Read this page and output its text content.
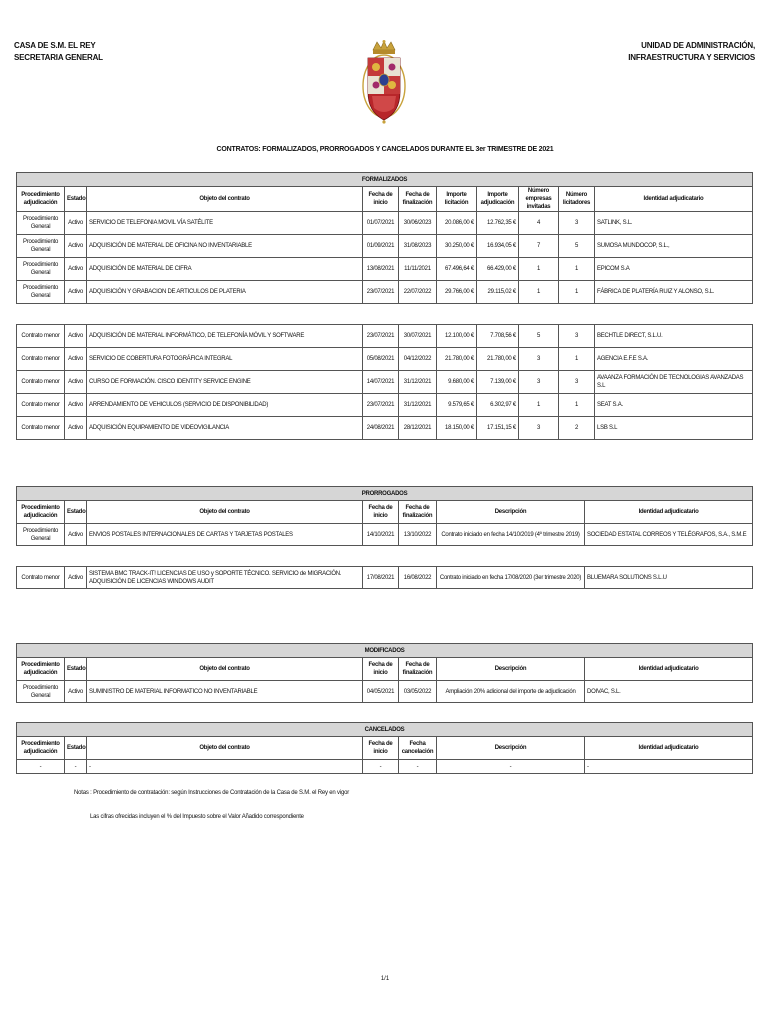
CASA DE S.M. EL REY
SECRETARIA GENERAL
UNIDAD DE ADMINISTRACIÓN,
INFRAESTRUCTURA Y SERVICIOS
CONTRATOS: FORMALIZADOS, PRORROGADOS Y CANCELADOS DURANTE EL 3er TRIMESTRE DE 2021
FORMALIZADOS									
Procedimiento adjudicación	Estado	Objeto del contrato	Fecha de inicio	Fecha de finalización	Importe licitación	Importe adjudicación	Número empresas invitadas	Número licitadores	Identidad adjudicatario
Procedimiento General	Activo	SERVICIO DE TELEFONIA MOVIL VÍA SATÉLITE	01/07/2021	30/06/2023	20.086,00 €	12.762,35 €	4	3	SATLINK, S.L.
Procedimiento General	Activo	ADQUISICIÓN DE MATERIAL DE OFICINA NO INVENTARIABLE	01/09/2021	31/08/2023	30.250,00 €	16.934,05 €	7	5	SUMOSA MUNDOCOP, S.L.,
Procedimiento General	Activo	ADQUISICIÓN DE MATERIAL DE CIFRA	13/08/2021	11/11/2021	67.496,64 €	66.429,00 €	1	1	EPICOM S.A
Procedimiento General	Activo	ADQUISICIÓN Y GRABACION DE ARTICULOS DE PLATERIA	23/07/2021	22/07/2022	29.766,00 €	29.115,02 €	1	1	FÁBRICA DE PLATERÍA RUIZ Y ALONSO, S.L.

Contrato menor	Activo	ADQUISICIÓN DE MATERIAL INFORMÁTICO, DE TELEFONÍA MÓVIL Y SOFTWARE	23/07/2021	30/07/2021	12.100,00 €	7.708,56 €	5	3	BECHTLE DIRECT, S.L.U.
Contrato menor	Activo	SERVICIO DE COBERTURA FOTOGRÁFICA INTEGRAL	05/08/2021	04/12/2022	21.780,00 €	21.780,00 €	3	1	AGENCIA E.F.E S.A.
Contrato menor	Activo	CURSO DE FORMACIÓN. CISCO IDENTITY SERVICE ENGINE	14/07/2021	31/12/2021	9.680,00 €	7.139,00 €	3	3	AVAANZA FORMACIÓN DE TECNOLOGIAS AVANZADAS S.L
Contrato menor	Activo	ARRENDAMIENTO DE VEHICULOS (SERVICIO DE DISPONIBILIDAD)	23/07/2021	31/12/2021	9.579,65 €	6.302,97 €	1	1	SEAT S.A.
Contrato menor	Activo	ADQUISICIÓN EQUIPAMIENTO DE VIDEOVIGILANCIA	24/08/2021	28/12/2021	18.150,00 €	17.151,15 €	3	2	LSB S.L
PRORROGADOS						
Procedimiento adjudicación	Estado	Objeto del contrato	Fecha de inicio	Fecha de finalización	Descripción	Identidad adjudicatario
Procedimiento General	Activo	ENVIOS POSTALES INTERNACIONALES DE CARTAS Y TARJETAS POSTALES	14/10/2021	13/10/2022	Contrato iniciado en fecha 14/10/2019 (4º trimestre 2019)	SOCIEDAD ESTATAL CORREOS Y TELÉGRAFOS, S.A., S.M.E

Contrato menor	Activo	SISTEMA BMC TRACK-IT! LICENCIAS DE USO y SOPORTE TÉCNICO. SERVICIO de MIGRACIÓN. ADQUISICIÓN DE LICENCIAS WINDOWS AUDIT	17/08/2021	16/08/2022	Contrato iniciado en fecha 17/08/2020 (3er trimestre 2020)	BLUEMARA SOLUTIONS S.L.U
MODIFICADOS						
Procedimiento adjudicación	Estado	Objeto del contrato	Fecha de inicio	Fecha de finalización	Descripción	Identidad adjudicatario
Procedimiento General	Activo	SUMINISTRO DE MATERIAL INFORMATICO NO INVENTARIABLE	04/05/2021	03/05/2022	Ampliación 20% adicional del importe de adjudicación	DOIVAC, S.L.
CANCELADOS						
Procedimiento adjudicación	Estado	Objeto del contrato	Fecha de inicio	Fecha cancelación	Descripción	Identidad adjudicatario
-	-	-	-	-	-	-
Notas : Procedimiento de contratación: según Instrucciones de Contratación de la Casa de S.M. el Rey en vigor
Las cifras ofrecidas incluyen el % del Impuesto sobre el Valor Añadido correspondiente
1/1
